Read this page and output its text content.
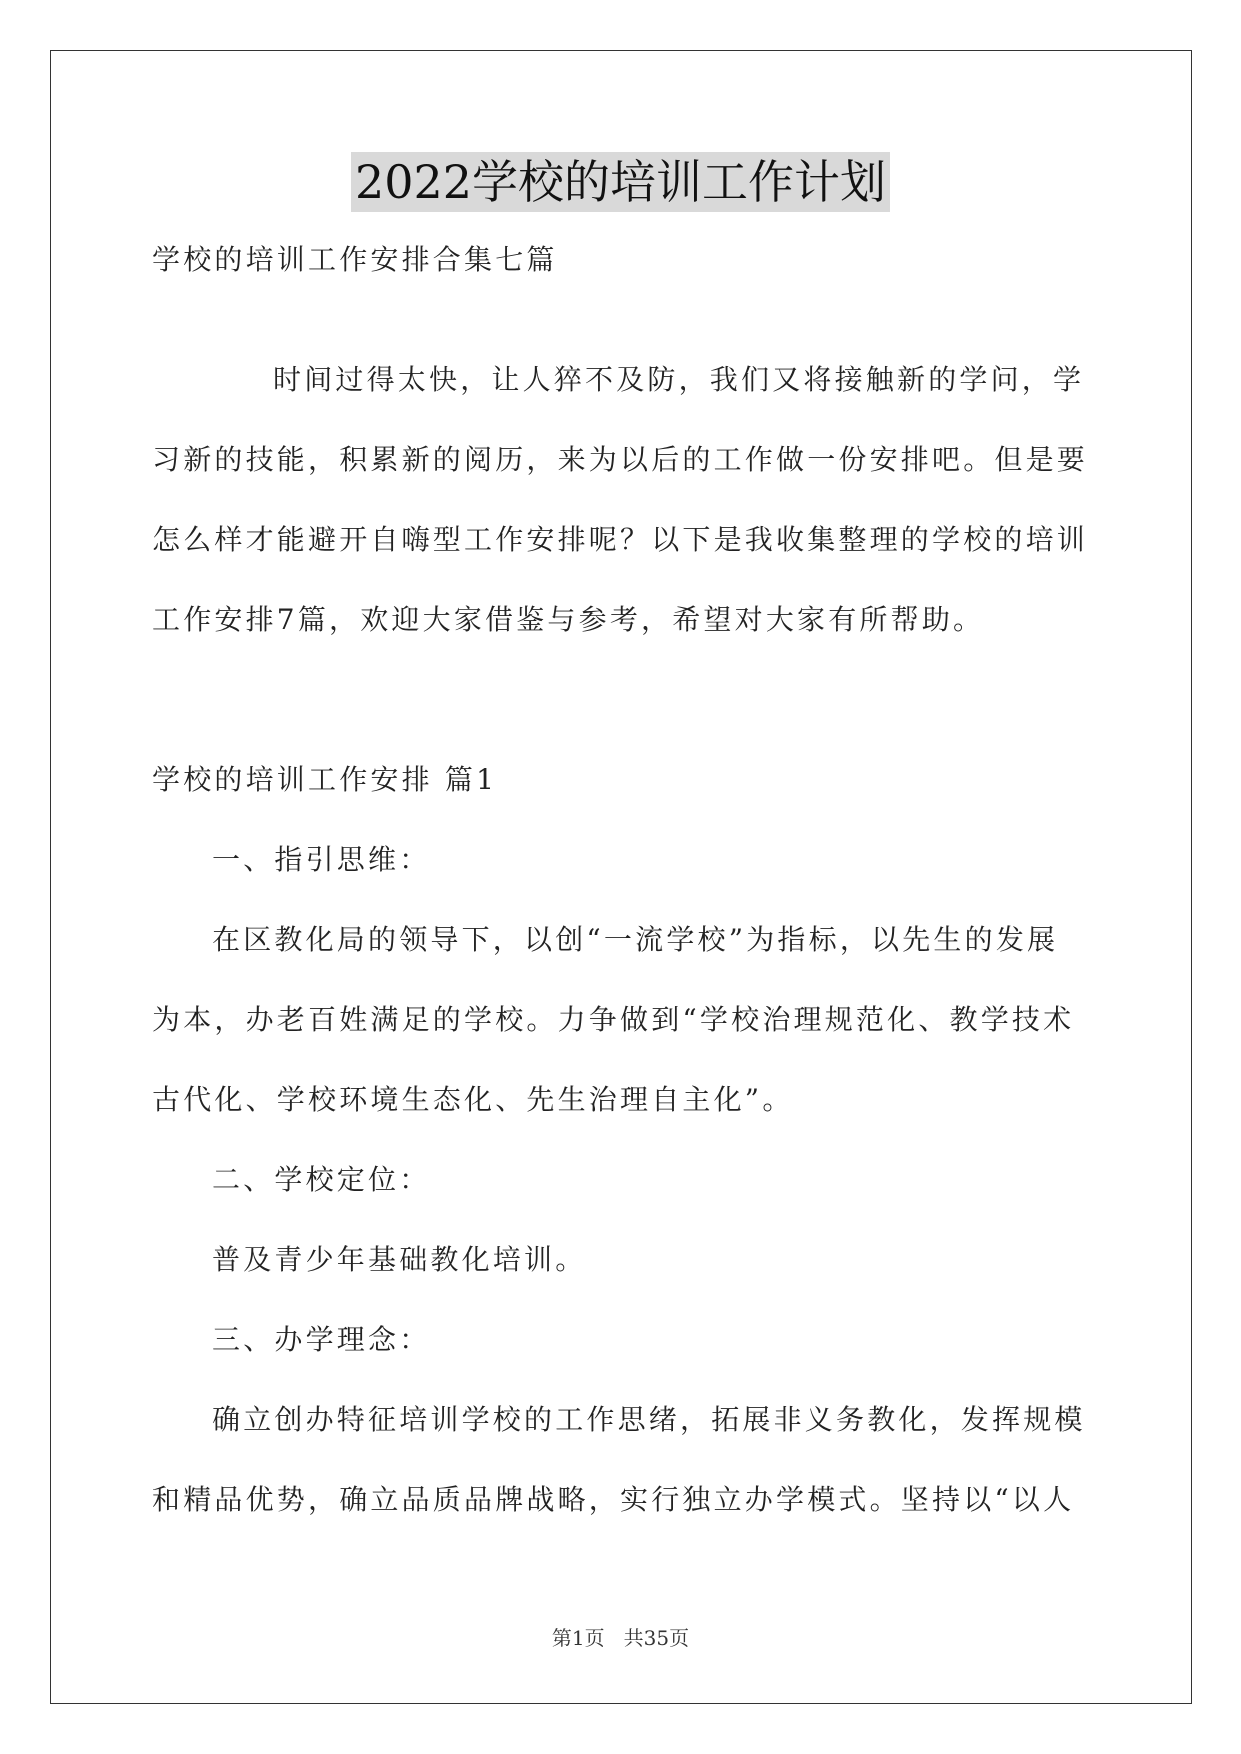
2022学校的培训工作计划
学校的培训工作安排合集七篇
时间过得太快，让人猝不及防，我们又将接触新的学问，学
习新的技能，积累新的阅历，来为以后的工作做一份安排吧。但是要
怎么样才能避开自嗨型工作安排呢？以下是我收集整理的学校的培训
工作安排7篇，欢迎大家借鉴与参考，希望对大家有所帮助。
学校的培训工作安排 篇1
一、指引思维：
在区教化局的领导下，以创“一流学校”为指标，以先生的发展
为本，办老百姓满足的学校。力争做到“学校治理规范化、教学技术
古代化、学校环境生态化、先生治理自主化”。
二、学校定位：
普及青少年基础教化培训。
三、办学理念：
确立创办特征培训学校的工作思绪，拓展非义务教化，发挥规模
和精品优势，确立品质品牌战略，实行独立办学模式。坚持以“以人
第1页   共35页
